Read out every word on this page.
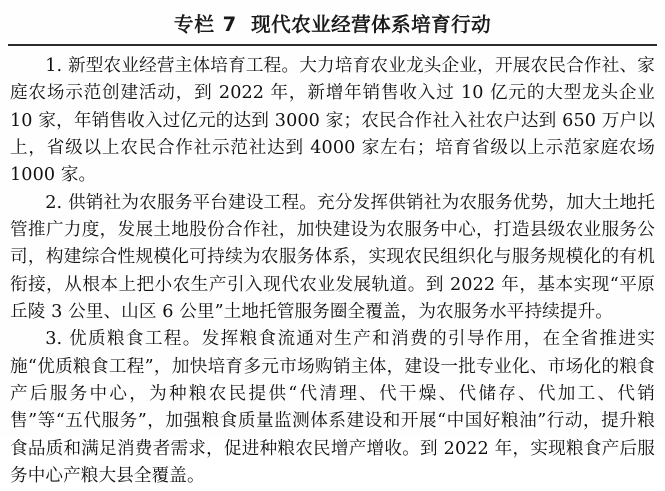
专栏 7 现代农业经营体系培育行动

1. 新型农业经营主体培育工程。大力培育农业龙头企业，开展农民合作社、家庭农场示范创建活动，到 2022 年，新增年销售收入过 10 亿元的大型龙头企业 10 家，年销售收入过亿元的达到 3000 家；农民合作社入社农户达到 650 万户以上，省级以上农民合作社示范社达到 4000 家左右；培育省级以上示范家庭农场 1000 家。

2. 供销社为农服务平台建设工程。充分发挥供销社为农服务优势，加大土地托管推广力度，发展土地股份合作社，加快建设为农服务中心，打造县级农业服务公司，构建综合性规模化可持续为农服务体系，实现农民组织化与服务规模化的有机衔接，从根本上把小农生产引入现代农业发展轨道。到 2022 年，基本实现“平原丘陵 3 公里、山区 6 公里”土地托管服务圈全覆盖，为农服务水平持续提升。

3. 优质粮食工程。发挥粮食流通对生产和消费的引导作用，在全省推进实施“优质粮食工程”，加快培育多元市场购销主体，建设一批专业化、市场化的粮食产后服务中心，为种粮农民提供“代清理、代干燥、代储存、代加工、代销售”等“五代服务”，加强粮食质量监测体系建设和开展“中国好粮油”行动，提升粮食品质和满足消费者需求，促进种粮农民增产增收。到 2022 年，实现粮食产后服务中心产粮大县全覆盖。
